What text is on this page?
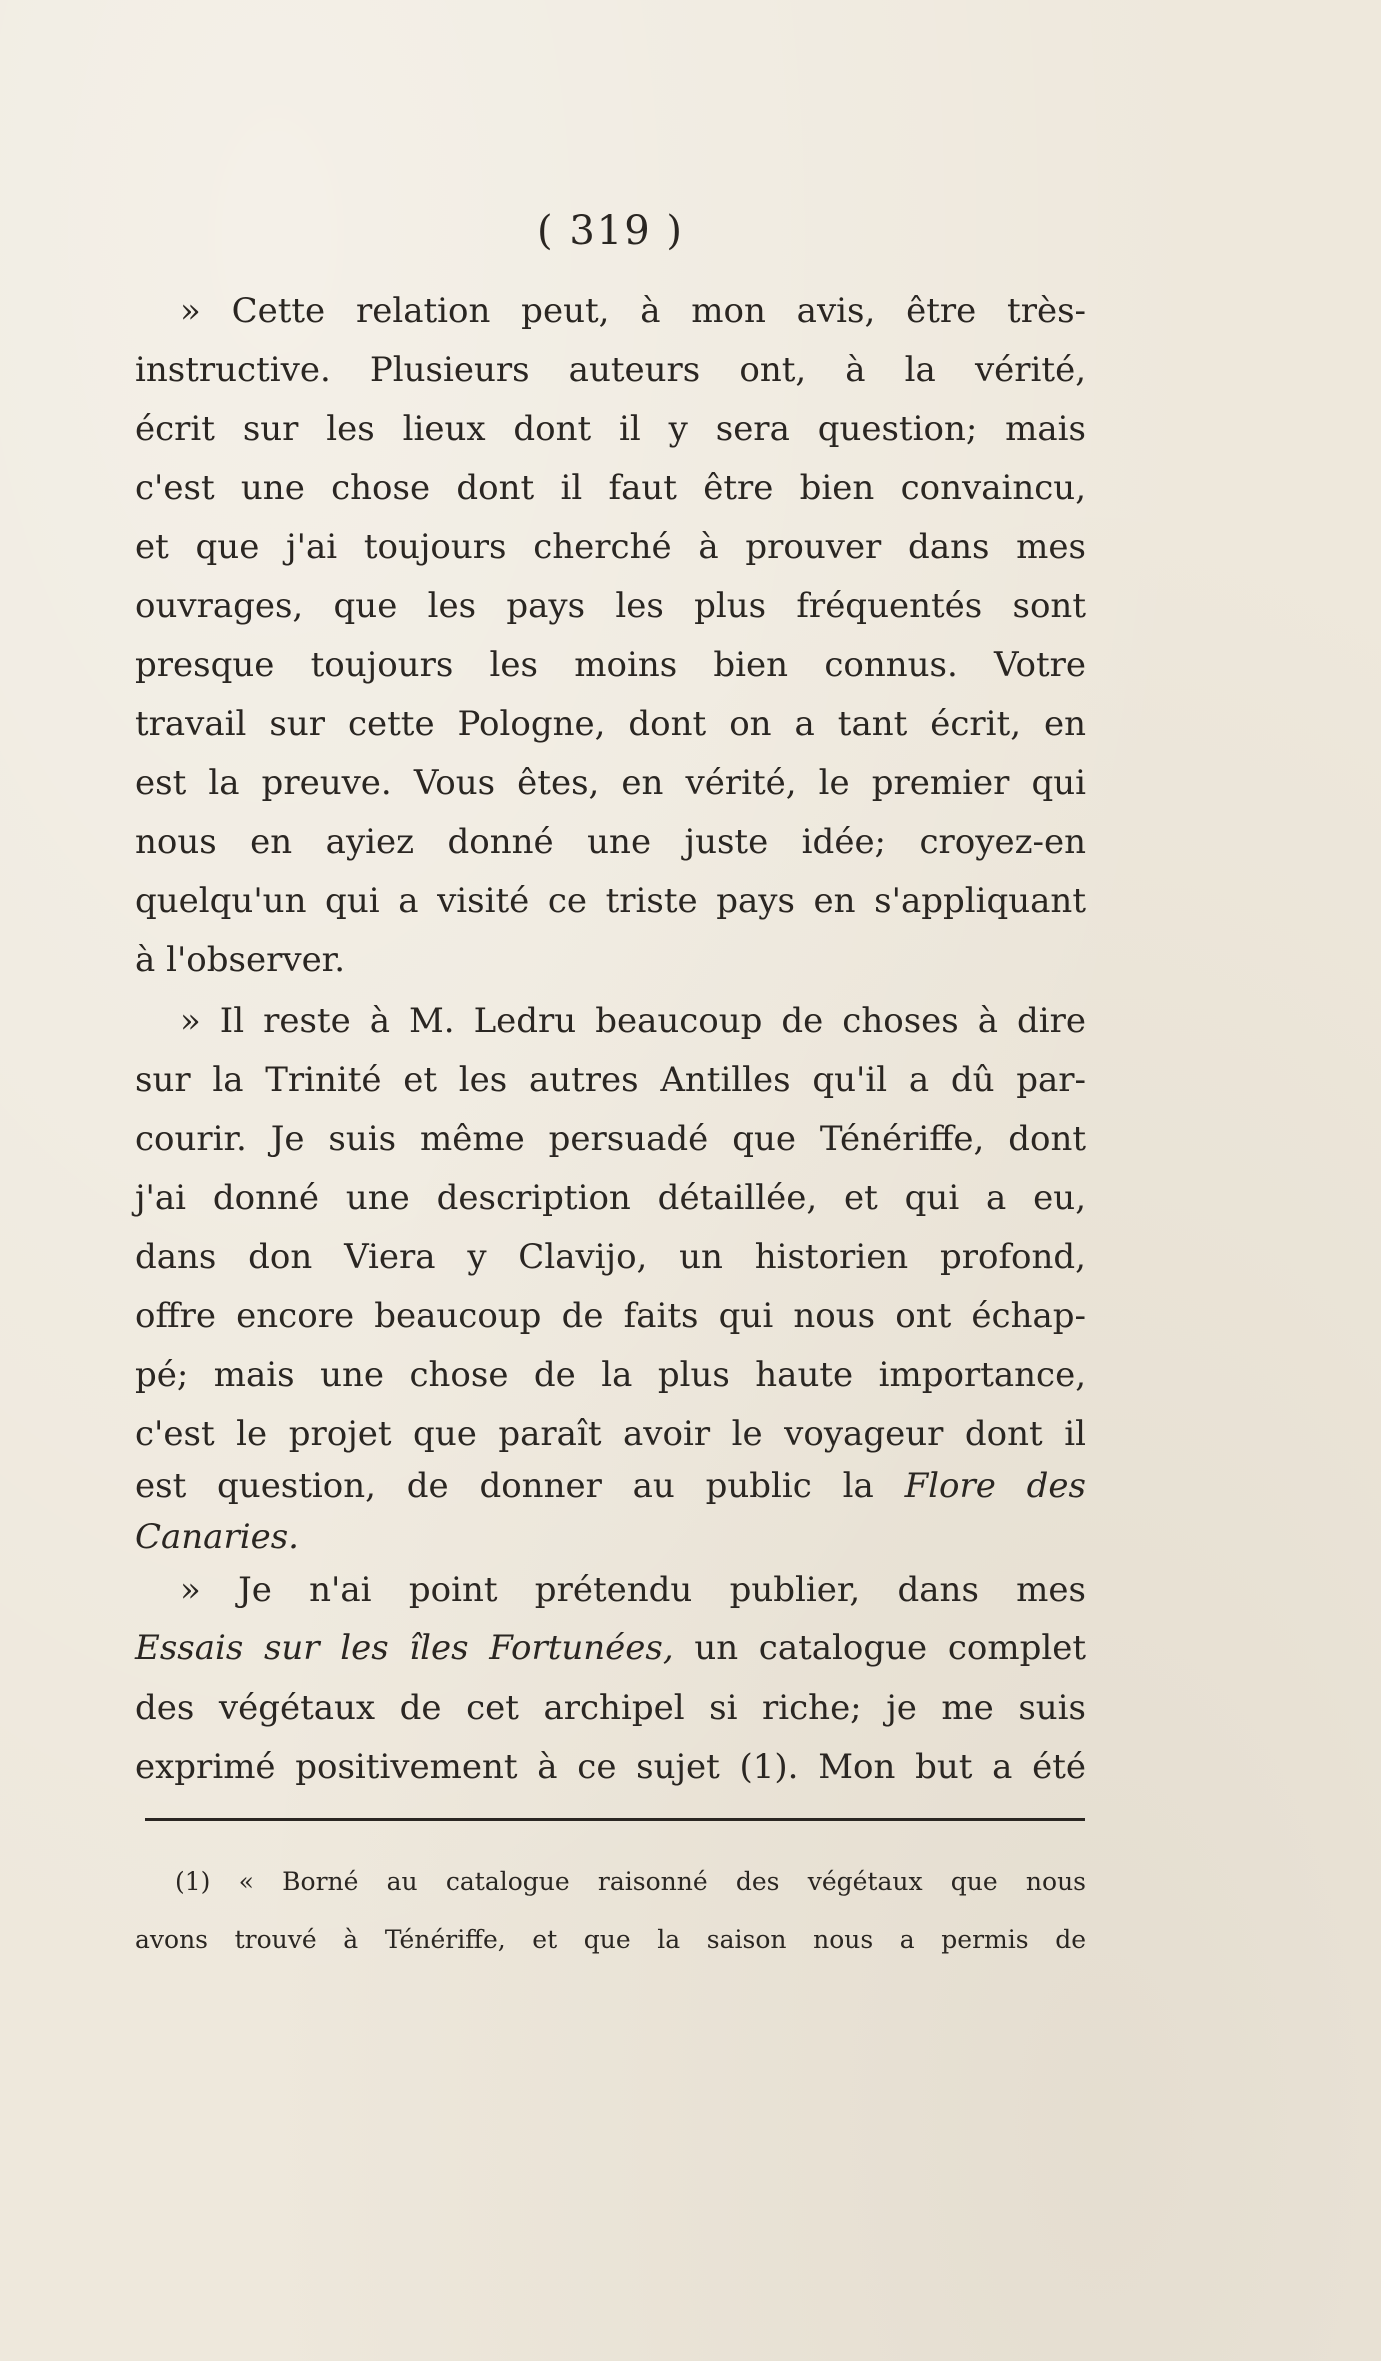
( 319 )
» Cette relation peut, à mon avis, être très-
instructive. Plusieurs auteurs ont, à la vérité,
écrit sur les lieux dont il y sera question; mais
c'est une chose dont il faut être bien convaincu,
et que j'ai toujours cherché à prouver dans mes
ouvrages, que les pays les plus fréquentés sont
presque toujours les moins bien connus. Votre
travail sur cette Pologne, dont on a tant écrit, en
est la preuve. Vous êtes, en vérité, le premier qui
nous en ayiez donné une juste idée; croyez-en
quelqu'un qui a visité ce triste pays en s'appliquant
à l'observer.
» Il reste à M. Ledru beaucoup de choses à dire
sur la Trinité et les autres Antilles qu'il a dû par-
courir. Je suis même persuadé que Ténériffe, dont
j'ai donné une description détaillée, et qui a eu,
dans don Viera y Clavijo, un historien profond,
offre encore beaucoup de faits qui nous ont échap-
pé; mais une chose de la plus haute importance,
c'est le projet que paraît avoir le voyageur dont il
est question, de donner au public la Flore des
Canaries.
» Je n'ai point prétendu publier, dans mes
Essais sur les îles Fortunées, un catalogue complet
des végétaux de cet archipel si riche; je me suis
exprimé positivement à ce sujet (1). Mon but a été
(1) « Borné au catalogue raisonné des végétaux que nous
avons trouvé à Ténériffe, et que la saison nous a permis de
